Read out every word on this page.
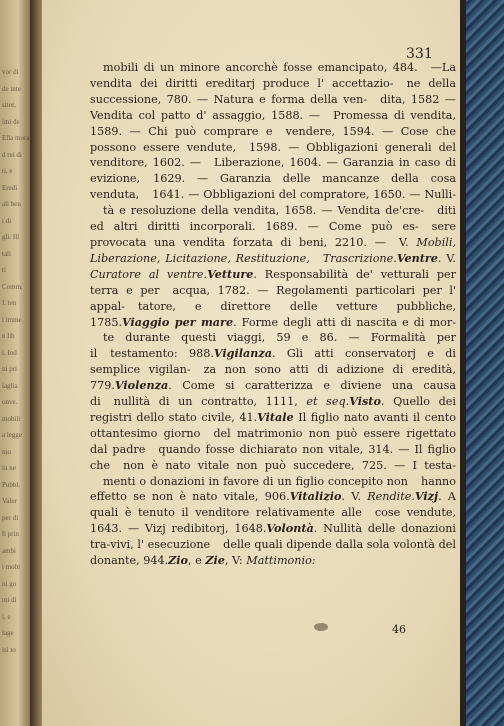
vor di
de inte
sitor,
imi de
Ella mora
d rei di
ti, e
Eredi
ali ben
i di
gli. Ill
tali
ti
Comm.
I. ten
i imme
n lib
i. Ind
ni pri
iaglia
onve.
mobili
a legge
mo
in ne
Pubbl.
Valer
per di
li prin
ambi
i mobi
ni go
mi di
i, e
lage
isi to
331
mobili di un minore ancorchè fosse emancipato, 484. —La vendita dei diritti ereditarj produce l' accettazio- ne della successione, 780. — Natura e forma della ven- dita, 1582 — Vendita col patto d' assaggio, 1588. — Promessa di vendita, 1589. — Chi può comprare e vendere, 1594. — Cose che possono essere vendute, 1598. — Obbligazioni generali del venditore, 1602. — Liberazione, 1604. — Garanzia in caso di evizione, 1629. — Garanzia delle mancanze della cosa venduta, 1641. — Obbligazioni del compratore, 1650. — Nulli-tà e resoluzione della vendita, 1658. — Vendita de'cre- diti ed altri diritti incorporali. 1689. — Come può es- sere provocata una vendita forzata di beni, 2210. — V. Mobili, Liberazione, Licitazione, Restituzione, Trascrizione.Ventre. V. Curatore al ventre.Vetture. Responsabilità de' vetturali per terra e per acqua, 1782. — Regolamenti particolari per l' appal- tatore, e direttore delle vetture pubbliche, 1785.Viaggio per mare. Forme degli atti di nascita e di mor-te durante questi viaggi, 59 e 86. — Formalità per il testamento: 988.Vigilanza. Gli atti conservatorj e di semplice vigilan- za non sono atti di adizione di eredità, 779.Violenza. Come si caratterizza e diviene una causa di nullità di un contratto, 1111, et seq.Visto. Quello dei registri dello stato civile, 41.Vitale Il figlio nato avanti il cento ottantesimo giorno del matrimonio non può essere rigettato dal padre quando fosse dichiarato non vitale, 314. — Il figlio che non è nato vitale non può succedere, 725. — I testa-menti o donazioni in favore di un figlio concepito non hanno effetto se non è nato vitale, 906.Vitalizio. V. Rendite.Vizj. A quali è tenuto il venditore relativamente alle cose vendute, 1643. — Vizj redibitorj, 1648.Volontà. Nullità delle donazioni tra-vivi, l' esecuzione delle quali dipende dalla sola volontà del donante, 944.Zio, e Zie, V: Mattimonio:
46
